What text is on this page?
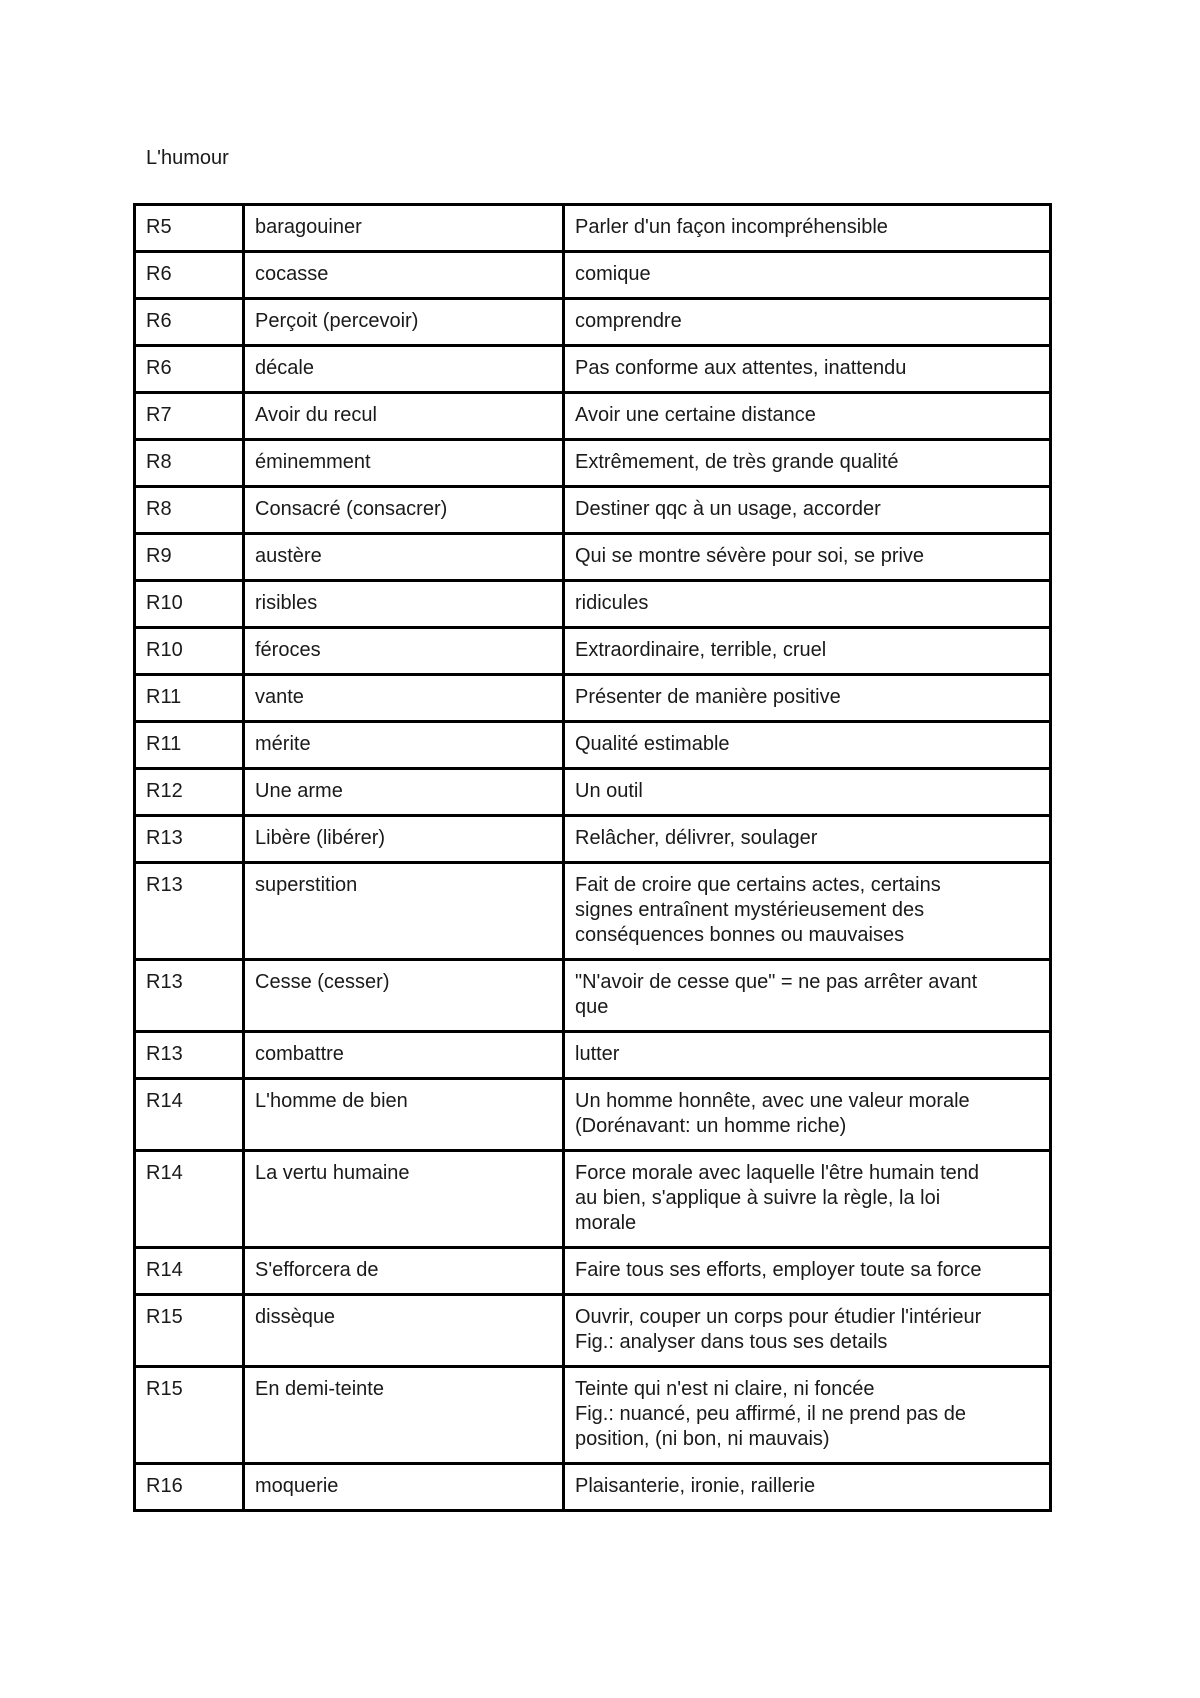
L'humour
R5	baragouiner	Parler d'un façon incompréhensible
R6	cocasse	comique
R6	Perçoit (percevoir)	comprendre
R6	décale	Pas conforme aux attentes, inattendu
R7	Avoir du recul	Avoir une certaine distance
R8	éminemment	Extrêmement, de très grande qualité
R8	Consacré (consacrer)	Destiner qqc à un usage, accorder
R9	austère	Qui se montre sévère pour soi, se prive
R10	risibles	ridicules
R10	féroces	Extraordinaire, terrible, cruel
R11	vante	Présenter de manière positive
R11	mérite	Qualité estimable
R12	Une arme	Un outil
R13	Libère (libérer)	Relâcher, délivrer, soulager
R13	superstition	Fait de croire que certains actes, certains
signes entraînent mystérieusement des
conséquences bonnes ou mauvaises
R13	Cesse (cesser)	"N'avoir de cesse que" = ne pas arrêter avant
que
R13	combattre	lutter
R14	L'homme de bien	Un homme honnête, avec une valeur morale
(Dorénavant: un homme riche)
R14	La vertu humaine	Force morale avec laquelle l'être humain tend
au bien, s'applique à suivre la règle, la loi
morale
R14	S'efforcera de	Faire tous ses efforts, employer toute sa force
R15	dissèque	Ouvrir, couper un corps pour étudier l'intérieur
Fig.: analyser dans tous ses details
R15	En demi-teinte	Teinte qui n'est ni claire, ni foncée
Fig.: nuancé, peu affirmé, il ne prend pas de
position, (ni bon, ni mauvais)
R16	moquerie	Plaisanterie, ironie, raillerie
